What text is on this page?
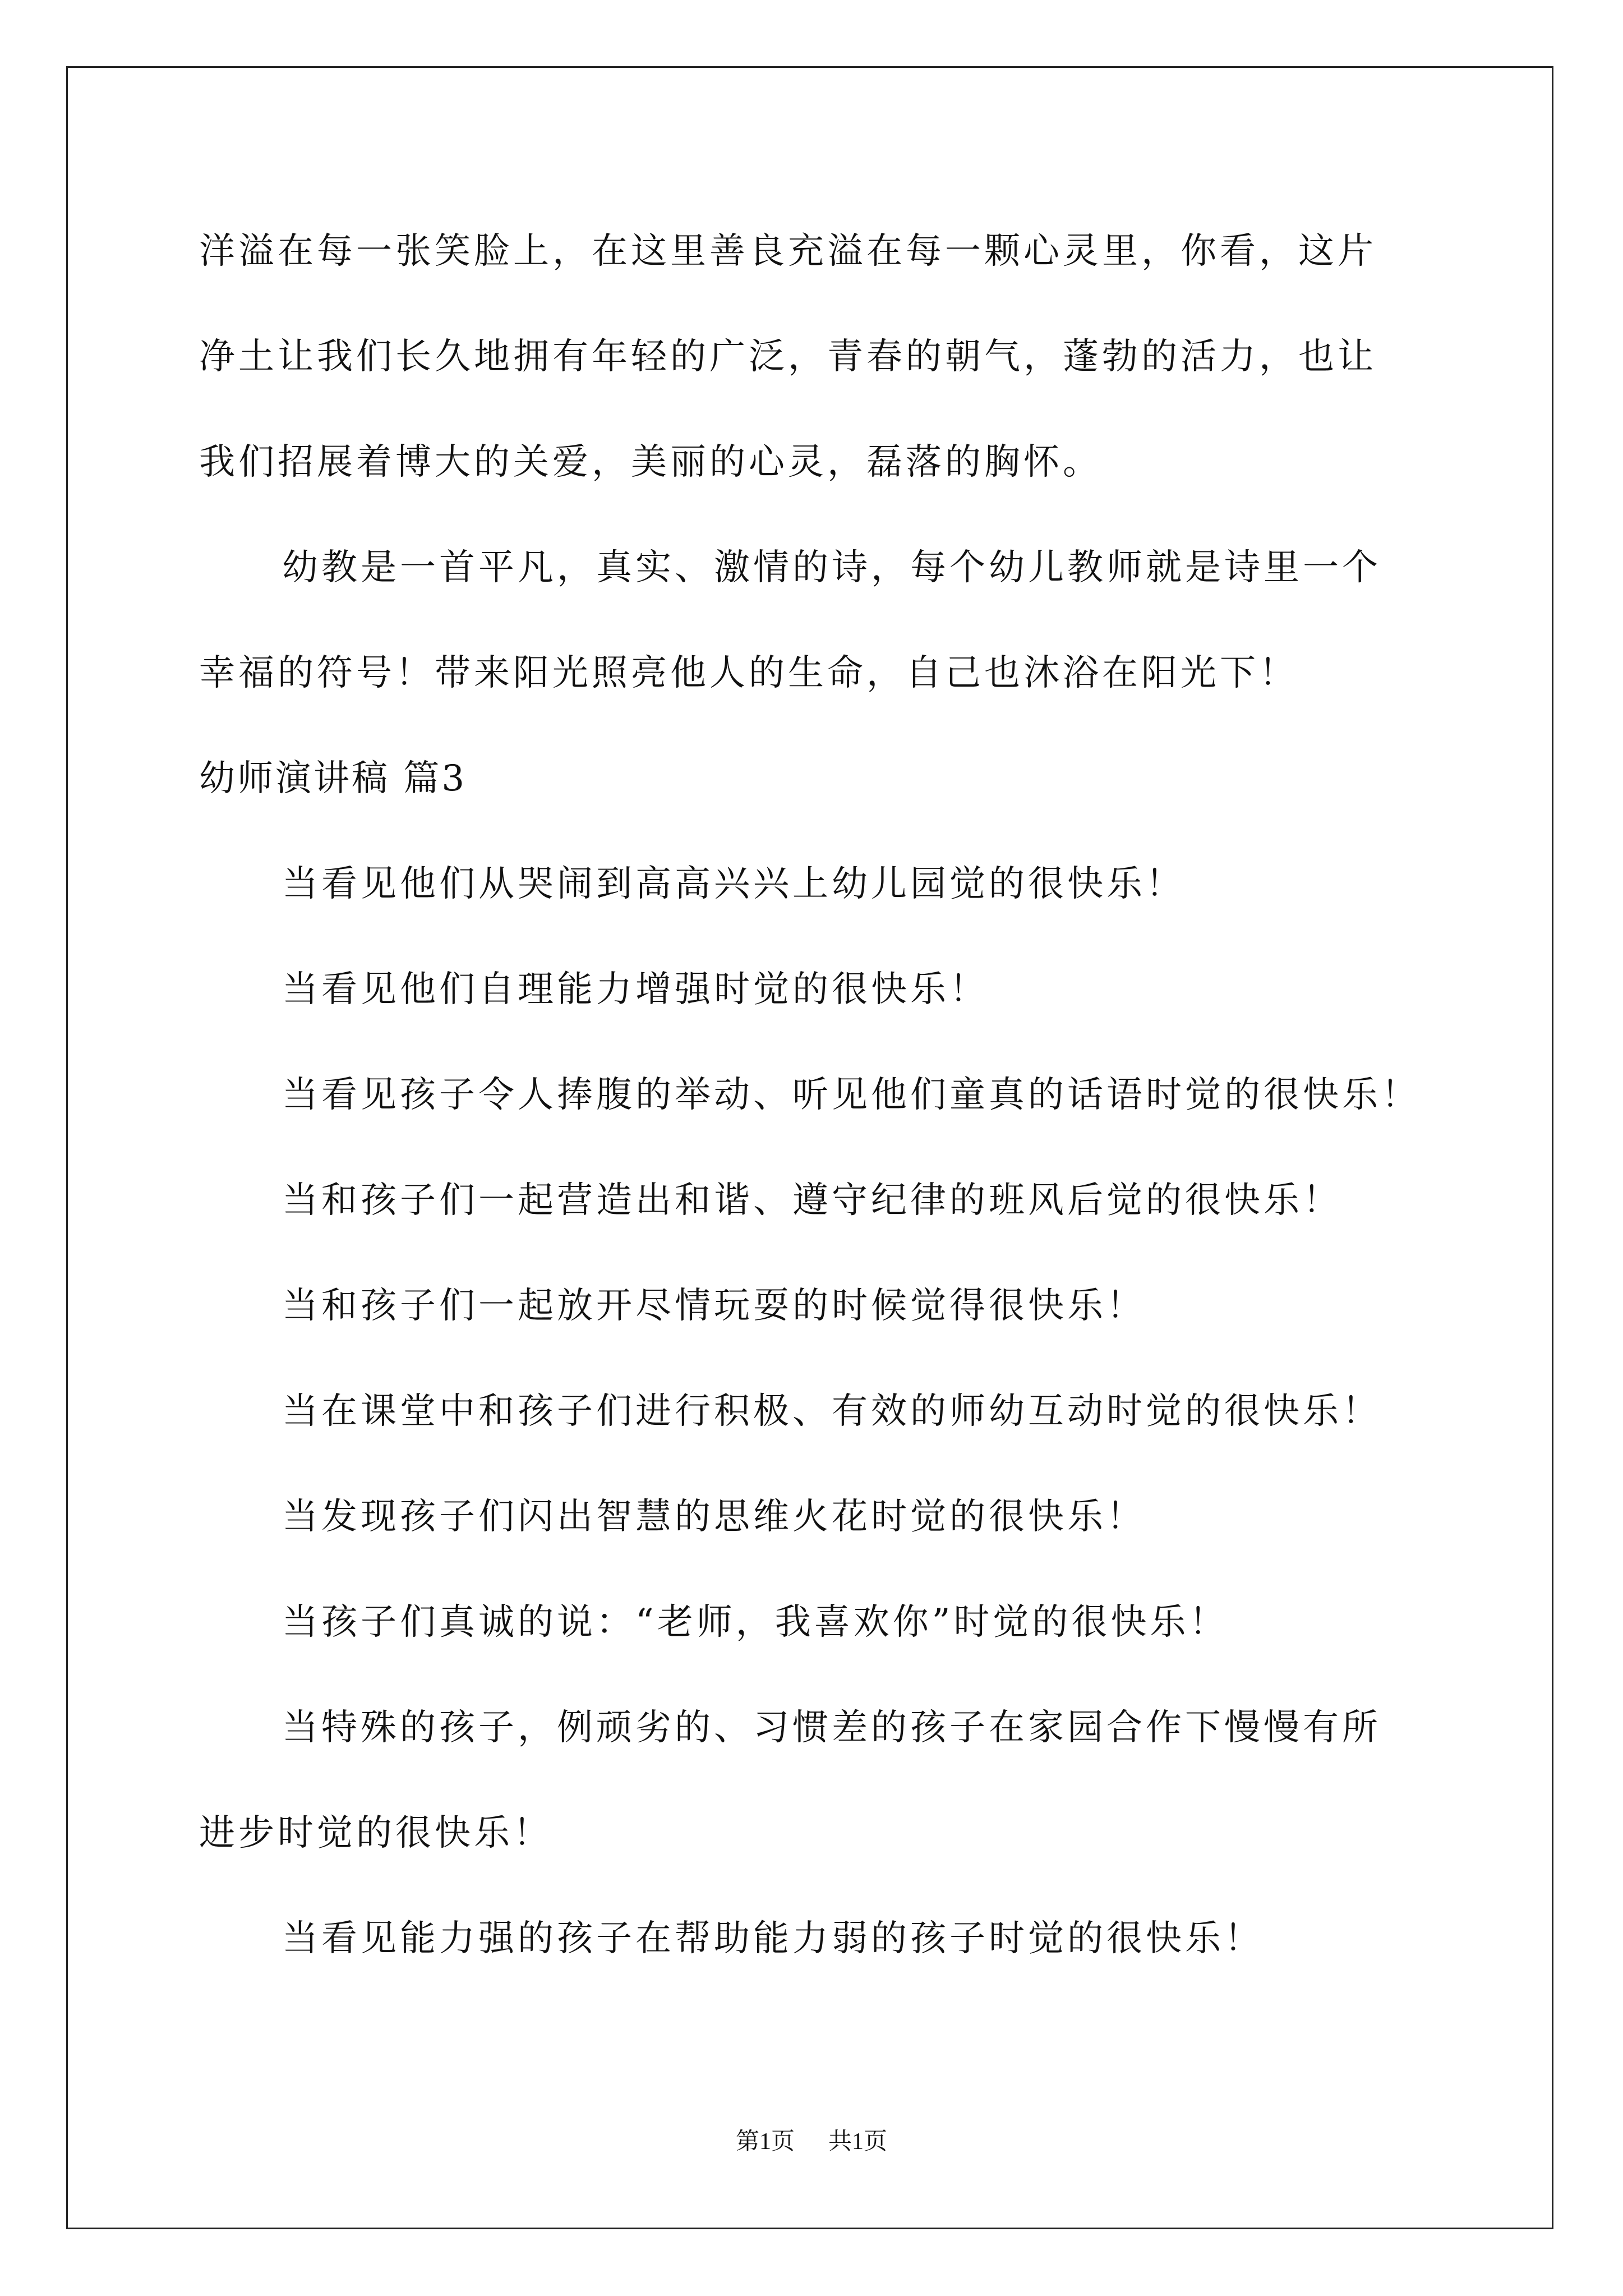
洋溢在每一张笑脸上，在这里善良充溢在每一颗心灵里，你看，这片
净土让我们长久地拥有年轻的广泛，青春的朝气，蓬勃的活力，也让
我们招展着博大的关爱，美丽的心灵，磊落的胸怀。
幼教是一首平凡，真实、激情的诗，每个幼儿教师就是诗里一个
幸福的符号！带来阳光照亮他人的生命，自己也沐浴在阳光下！
幼师演讲稿 篇3
当看见他们从哭闹到高高兴兴上幼儿园觉的很快乐！
当看见他们自理能力增强时觉的很快乐！
当看见孩子令人捧腹的举动、听见他们童真的话语时觉的很快乐！
当和孩子们一起营造出和谐、遵守纪律的班风后觉的很快乐！
当和孩子们一起放开尽情玩耍的时候觉得很快乐！
当在课堂中和孩子们进行积极、有效的师幼互动时觉的很快乐！
当发现孩子们闪出智慧的思维火花时觉的很快乐！
当孩子们真诚的说：“老师，我喜欢你”时觉的很快乐！
当特殊的孩子，例顽劣的、习惯差的孩子在家园合作下慢慢有所
进步时觉的很快乐！
当看见能力强的孩子在帮助能力弱的孩子时觉的很快乐！
第1页 共1页
